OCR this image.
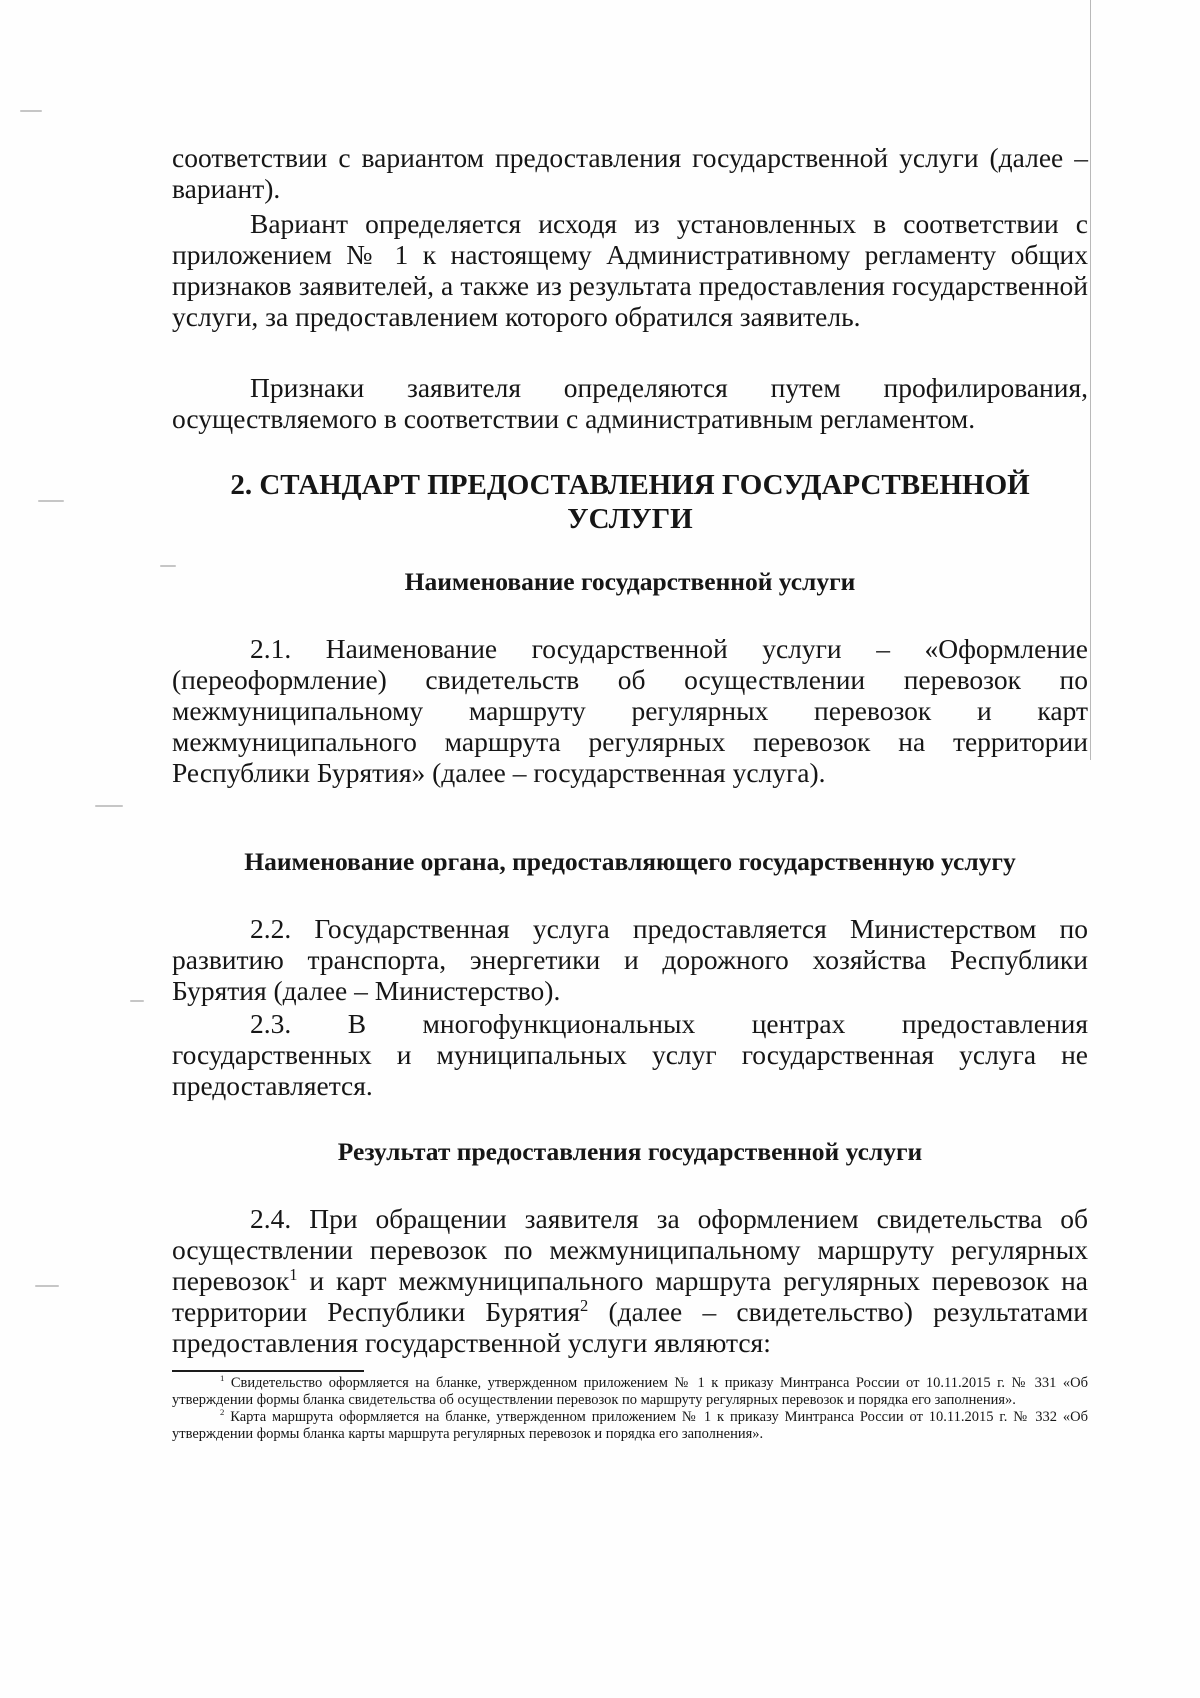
соответствии с вариантом предоставления государственной услуги (далее – вариант).

Вариант определяется исходя из установленных в соответствии с приложением № 1 к настоящему Административному регламенту общих признаков заявителей, а также из результата предоставления государственной услуги, за предоставлением которого обратился заявитель.

Признаки заявителя определяются путем профилирования, осуществляемого в соответствии с административным регламентом.

2. СТАНДАРТ ПРЕДОСТАВЛЕНИЯ ГОСУДАРСТВЕННОЙ
УСЛУГИ
Наименование государственной услуги

2.1. Наименование государственной услуги – «Оформление (переоформление) свидетельств об осуществлении перевозок по межмуниципальному маршруту регулярных перевозок и карт межмуниципального маршрута регулярных перевозок на территории Республики Бурятия» (далее – государственная услуга).

Наименование органа, предоставляющего государственную услугу

2.2. Государственная услуга предоставляется Министерством по развитию транспорта, энергетики и дорожного хозяйства Республики Бурятия (далее – Министерство).

2.3. В многофункциональных центрах предоставления государственных и муниципальных услуг государственная услуга не предоставляется.

Результат предоставления государственной услуги

2.4. При обращении заявителя за оформлением свидетельства об осуществлении перевозок по межмуниципальному маршруту регулярных перевозок$^1$ и карт межмуниципального маршрута регулярных перевозок на территории Республики Бурятия$^2$ (далее – свидетельство) результатами предоставления государственной услуги являются:

$^1$ Свидетельство оформляется на бланке, утвержденном приложением № 1 к приказу Минтранса России от 10.11.2015 г. № 331 «Об утверждении формы бланка свидетельства об осуществлении перевозок по маршруту регулярных перевозок и порядка его заполнения».

$^2$ Карта маршрута оформляется на бланке, утвержденном приложением № 1 к приказу Минтранса России от 10.11.2015 г. № 332 «Об утверждении формы бланка карты маршрута регулярных перевозок и порядка его заполнения».
